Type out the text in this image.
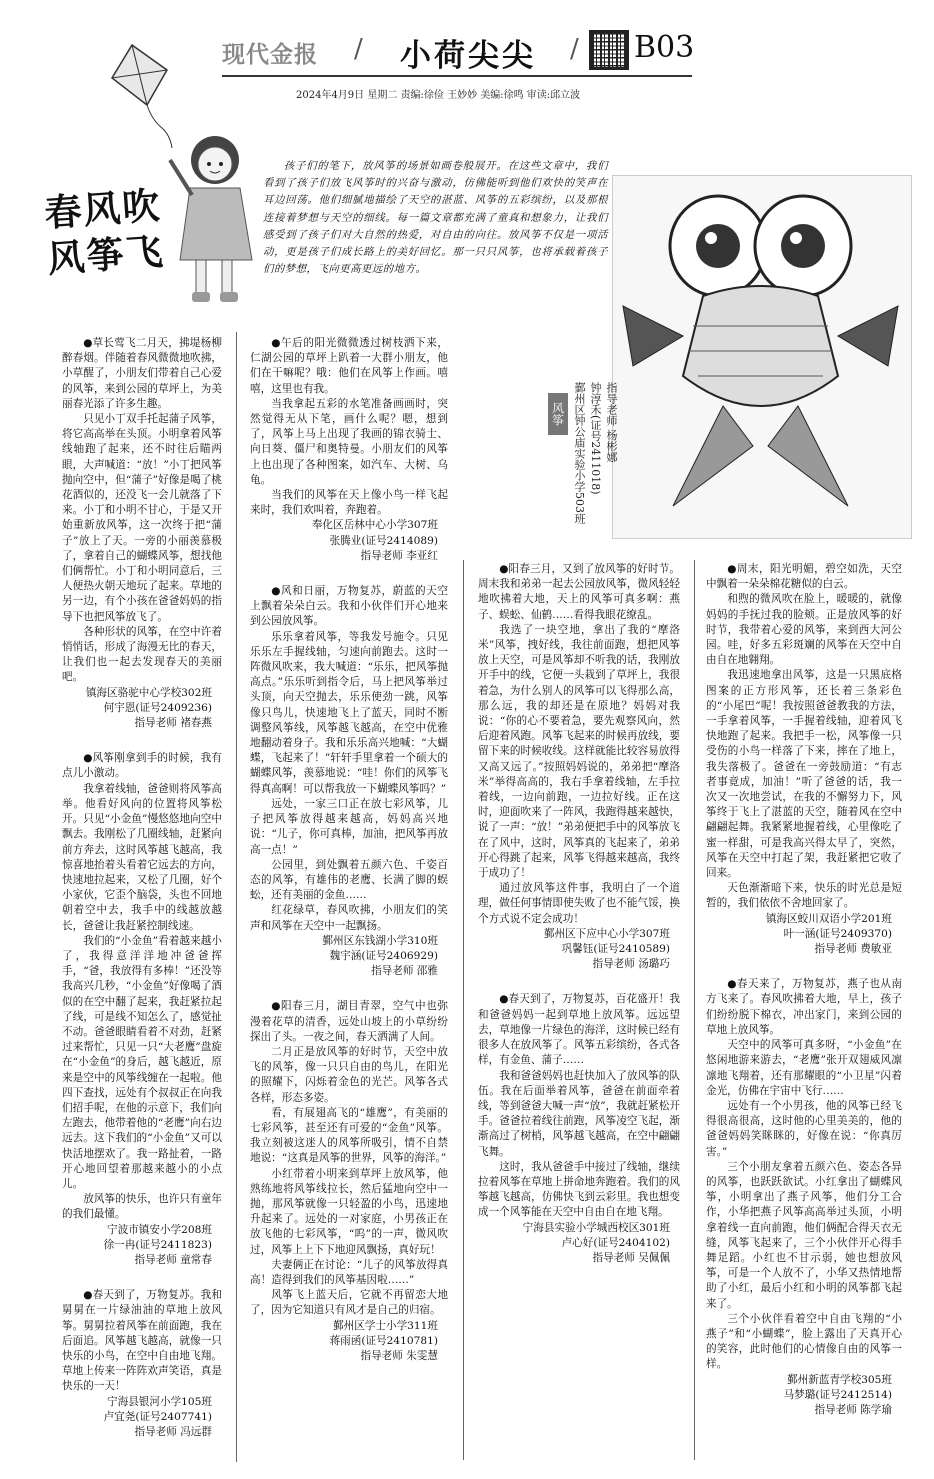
现代金报 / 小荷尖尖 / B03
2024年4月9日 星期二 责编:徐俭 王妙妙 美编:徐鸣 审读:邱立波
春风吹
风筝飞
孩子们的笔下，放风筝的场景如画卷般展开。在这些文章中，我们看到了孩子们放飞风筝时的兴奋与激动，仿佛能听到他们欢快的笑声在耳边回荡。他们细腻地描绘了天空的湛蓝、风筝的五彩缤纷，以及那根连接着梦想与天空的细线。每一篇文章都充满了童真和想象力，让我们感受到了孩子们对大自然的热爱，对自由的向往。放风筝不仅是一项活动，更是孩子们成长路上的美好回忆。那一只只风筝，也将承载着孩子们的梦想，飞向更高更远的地方。
风筝 鄞州区钟公庙实验小学503班 钟淳禾(证号2411018) 指导老师 杨彬娜

●草长莺飞二月天，拂堤杨柳醉春烟。伴随着春风微微地吹拂，小草醒了，小朋友们带着自己心爱的风筝，来到公园的草坪上，为美丽春光添了许多生趣。

只见小丁双手托起蒲子风筝，将它高高举在头顶。小明拿着风筝线轴跑了起来，还不时往后瞄两眼，大声喊道：“放！”小丁把风筝抛向空中，但“蒲子”好像是喝了桃花酒似的，还没飞一会儿就落了下来。小丁和小明不甘心，于是又开始重新放风筝，这一次终于把“蒲子”放上了天。一旁的小丽羡慕极了，拿着自己的蝴蝶风筝，想找他们俩帮忙。小丁和小明同意后，三人便热火朝天地玩了起来。草地的另一边，有个小孩在爸爸妈妈的指导下也把风筝放飞了。

各种形状的风筝，在空中许着悄悄话，形成了海漫无比的春天，让我们也一起去发现春天的美丽吧。

镇海区骆驼中心学校302班
何宇恩(证号2409236)
指导老师 褚春燕

●风筝刚拿到手的时候，我有点儿小激动。

我拿着线轴，爸爸则将风筝高举。他看好风向的位置将风筝松开。只见“小金鱼”慢悠悠地向空中飘去。我刚松了几圈线轴，赶紧向前方奔去，这时风筝越飞越高，我惊喜地抬着头看着它远去的方向，快速地拉起来，又松了几圈，好个小家伙，它歪个脑袋，头也不回地朝着空中去，我手中的线越放越长，爸爸让我赶紧控制线速。

我们的“小金鱼”看着越来越小了，我得意洋洋地冲爸爸挥手，“爸，我放得有多棒！”还没等我高兴几秒，“小金鱼”好像喝了酒似的在空中翻了起来，我赶紧拉起了线，可是线不知怎么了，感觉扯不动。爸爸眼睛看着不对劲，赶紧过来帮忙，只见一只“大老鹰”盘旋在“小金鱼”的身后，越飞越近，原来是空中的风筝线缠在一起啦。他四下查找，远处有个叔叔正在向我们招手呢，在他的示意下，我们向左跑去，他带着他的“老鹰”向右边远去。这下我们的“小金鱼”又可以快活地摆欢了。我一路扯着，一路开心地回望着那越来越小的小点儿。

放风筝的快乐，也许只有童年的我们最懂。

宁波市镇安小学208班
徐一冉(证号2411823)
指导老师 童常春

●春天到了，万物复苏。我和舅舅在一片绿油油的草地上放风筝。舅舅拉着风筝在前面跑，我在后面追。风筝越飞越高，就像一只快乐的小鸟，在空中自由地飞翔。草地上传来一阵阵欢声笑语，真是快乐的一天！

宁海县银河小学105班
卢宜尧(证号2407741)
指导老师 冯远群

●午后的阳光微微透过树枝洒下来，仁湖公园的草坪上趴着一大群小朋友，他们在干嘛呢？哦：他们在风筝上作画。嘻嘻，这里也有我。

当我拿起五彩的水笔准备画画时，突然觉得无从下笔，画什么呢？嗯，想到了，风筝上马上出现了我画的锦衣骑士、向日葵、僵尸和奥特曼。小朋友们的风筝上也出现了各种图案，如汽车、大树、乌龟。

当我们的风筝在天上像小鸟一样飞起来时，我们欢叫着，奔跑着。

奉化区岳林中心小学307班
张腾业(证号2414089)
指导老师 李亚红

●风和日丽，万物复苏，蔚蓝的天空上飘着朵朵白云。我和小伙伴们开心地来到公园放风筝。

乐乐拿着风筝，等我发号施令。只见乐乐左手握线轴，匀速向前跑去。这时一阵微风吹来，我大喊道：“乐乐，把风筝抛高点。”乐乐听到指令后，马上把风筝举过头顶，向天空抛去，乐乐使劲一跳，风筝像只鸟儿，快速地飞上了蓝天，同时不断调整风筝线，风筝越飞越高，在空中优雅地翻动着身子。我和乐乐高兴地喊：“大蝴蝶，飞起来了！”轩轩手里拿着一个硕大的蝴蝶风筝，羡慕地说：“哇！你们的风筝飞得真高啊！可以帮我放一下蝴蝶风筝吗？”

远处，一家三口正在放七彩风筝，儿子把风筝放得越来越高，妈妈高兴地说：“儿子，你可真棒，加油，把风筝再放高一点！”

公园里，到处飘着五颜六色、千姿百态的风筝，有雄伟的老鹰、长满了脚的蜈蚣，还有美丽的金鱼……

红花绿草，春风吹拂，小朋友们的笑声和风筝在天空中一起飘扬。

鄞州区东钱湖小学310班
魏宇涵(证号2406929)
指导老师 邵雅

●阳春三月，湖目青翠，空气中也弥漫着花草的清香，远处山坡上的小草纷纷探出了头。一夜之间，春天洒满了人间。

二月正是放风筝的好时节，天空中放飞的风筝，像一只只自由的鸟儿，在阳光的照耀下，闪烁着金色的光芒。风筝各式各样，形态多姿。

看，有展翅高飞的“雄鹰”，有美丽的七彩风筝，甚至还有可爱的“金鱼”风筝。我立刻被这迷人的风筝所吸引，情不自禁地说：“这真是风筝的世界，风筝的海洋。”

小红带着小明来到草坪上放风筝，他熟练地将风筝线拉长，然后猛地向空中一抛，那风筝就像一只轻盈的小鸟，迅速地升起来了。远处的一对家庭，小男孩正在放飞他的七彩风筝，“呜”的一声，微风吹过，风筝上上下下地迎风飘扬，真好玩！

夫妻俩正在讨论：“儿子的风筝放得真高！造得到我们的风筝基因啦……”

风筝飞上蓝天后，它就不再留恋大地了，因为它知道只有风才是自己的归宿。

鄞州区学士小学311班
蒋雨函(证号2410781)
指导老师 朱雯慧

●阳春三月，又到了放风筝的好时节。周末我和弟弟一起去公园放风筝，微风轻轻地吹拂着大地，天上的风筝可真多啊：燕子、蜈蚣、仙鹤……看得我眼花缭乱。

我选了一块空地，拿出了我的“摩洛米”风筝，拽好线，我往前面跑，想把风筝放上天空，可是风筝却不听我的话，我刚放开手中的线，它便一头栽到了草坪上，我很着急，为什么别人的风筝可以飞得那么高，那么远，我的却还是在原地？妈妈对我说：“你的心不要着急，要先观察风向，然后迎着风跑。风筝飞起来的时候再放线，要留下来的时候收线。这样就能比较容易放得又高又远了。”按照妈妈说的，弟弟把“摩洛米”举得高高的，我右手拿着线轴，左手拉着线，一边向前跑，一边拉好线。正在这时，迎面吹来了一阵风，我跑得越来越快，说了一声：“放！”弟弟便把手中的风筝放飞在了风中，这时，风筝真的飞起来了，弟弟开心得跳了起来，风筝飞得越来越高，我终于成功了！

通过放风筝这件事，我明白了一个道理，做任何事情即使失败了也不能气馁，换个方式说不定会成功！

鄞州区下应中心小学307班
巩馨钰(证号2410589)
指导老师 汤璐巧

●春天到了，万物复苏，百花盛开！我和爸爸妈妈一起到草地上放风筝。远远望去，草地像一片绿色的海洋，这时候已经有很多人在放风筝了。风筝五彩缤纷，各式各样，有金鱼、蒲子……

我和爸爸妈妈也赶快加入了放风筝的队伍。我在后面举着风筝，爸爸在前面牵着线，等到爸爸大喊一声“放”，我就赶紧松开手。爸爸拉着线往前跑，风筝凌空飞起，渐渐高过了树梢，风筝越飞越高，在空中翩翩飞舞。

这时，我从爸爸手中接过了线轴，继续拉着风筝在草地上拼命地奔跑着。我们的风筝越飞越高，仿佛快飞到云彩里。我也想变成一个风筝能在天空中自由自在地飞翔。

宁海县实验小学城西校区301班
卢心好(证号2404102)
指导老师 吴佩佩

●周末，阳光明媚，碧空如洗，天空中飘着一朵朵棉花糖似的白云。

和煦的微风吹在脸上，暖暖的，就像妈妈的手抚过我的脸颊。正是放风筝的好时节，我带着心爱的风筝，来到西大河公园。哇，好多五彩斑斓的风筝在天空中自由自在地翱翔。

我迅速地拿出风筝，这是一只黑底格图案的正方形风筝，还长着三条彩色的“小尾巴”呢！我按照爸爸教我的方法，一手拿着风筝，一手握着线轴，迎着风飞快地跑了起来。我把手一松，风筝像一只受伤的小鸟一样落了下来，摔在了地上，我失落极了。爸爸在一旁鼓励道：“有志者事竟成，加油！”听了爸爸的话，我一次又一次地尝试，在我的不懈努力下，风筝终于飞上了湛蓝的天空，随着风在空中翩翩起舞。我紧紧地握着线，心里像吃了蜜一样甜，可是我高兴得太早了，突然，风筝在天空中打起了架，我赶紧把它收了回来。

天色渐渐暗下来，快乐的时光总是短暂的，我们依依不舍地回家了。

镇海区蛟川双语小学201班
叶一涵(证号2409370)
指导老师 费敏亚

●春天来了，万物复苏，燕子也从南方飞来了。春风吹拂着大地，早上，孩子们纷纷脱下棉衣，冲出家门，来到公园的草地上放风筝。

天空中的风筝可真多呀，“小金鱼”在悠闲地游来游去，“老鹰”张开双翅威风凛凛地飞翔着，还有那耀眼的“小卫星”闪着金光，仿佛在宇宙中飞行……

远处有一个小男孩，他的风筝已经飞得很高很高，这时他的心里美美的，他的爸爸妈妈笑眯眯的，好像在说：“你真厉害。”

三个小朋友拿着五颜六色、姿态各异的风筝，也跃跃欲试。小红拿出了蝴蝶风筝，小明拿出了燕子风筝，他们分工合作，小华把燕子风筝高高举过头顶，小明拿着线一直向前跑，他们俩配合得天衣无缝，风筝飞起来了，三个小伙伴开心得手舞足蹈。小红也不甘示弱，她也想放风筝，可是一个人放不了，小华又热情地帮助了小红，最后小红和小明的风筝都飞起来了。

三个小伙伴看着空中自由飞翔的“小燕子”和“小蝴蝶”，脸上露出了天真开心的笑容，此时他们的心情像自由的风筝一样。

鄞州新蓝青学校305班
马梦璐(证号2412514)
指导老师 陈学瑜
